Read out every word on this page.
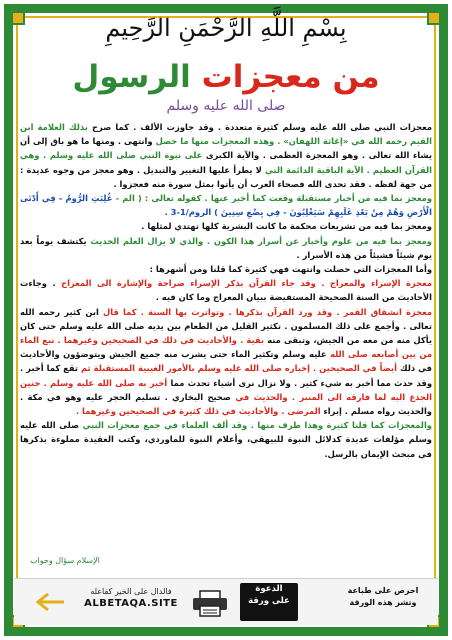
بِسْمِ اللَّهِ الرَّحْمَنِ الرَّحِيمِ
من معجزات الرسول
صلى الله عليه وسلم

معجزات النبي صلى الله عليه وسلم كثيرة متعددة . وقد جاوزت الألف . كما صرح بذلك العلامة ابن القيم رحمه الله في «إغاثة اللهفان» . وهذه المعجزات منها ما حصل وانتهى . ومنها ما هو باق إلى أن يشاء الله تعالى . وهو المعجزة العظمى . والآية الكبرى على نبوة النبي صلى الله عليه وسلم . وهي القرآن العظيم . الآية الباقية الدائمة التي لا يطرأ عليها التغيير والتبديل . وهو معجز من وجوه عديدة : من جهة لفظه . فقد تحدى الله فصحاء العرب أن يأتوا بمثل سورة منه فعجزوا .

ومعجز بما فيه من أخبار مستقبلة وقعت كما أخبر عنها . كقوله تعالى : ( الم - غُلِبَتِ الرُّومُ - فِي أَدْنَى الْأَرْضِ وَهُمْ مِنْ بَعْدِ غَلَبِهِمْ سَيَغْلِبُونَ - فِي بِضْعِ سِنِينَ ) الروم/1-3 .

ومعجز بما فيه من تشريعات محكمة ما كانت البشرية كلها تهتدي لمثلها .

ومعجز بما فيه من علوم وأخبار عن أسرار هذا الكون . والذي لا يزال العلم الحديث يكتشف يوماً بعد يوم شيئاً فشيئاً من هذه الأسرار .

وأما المعجزات التي حصلت وانتهت فهي كثيرة كما قلنا ومن أشهرها :

معجزة الإسراء والمعراج . وقد جاء القرآن بذكر الإسراء صراحة والإشارة الى المعراج . وجاءت الأحاديث من السنة الصحيحة المستفيضة ببيان المعراج وما كان فيه .

معجزة انشقاق القمر . وقد ورد القرآن بذكرها . وتواترت بها السنة . كما قال ابن كثير رحمه الله تعالى . وأجمع على ذلك المسلمون . تكثير القليل من الطعام بين يديه صلى الله عليه وسلم حتى كان يأكل منه من معه من الجيش، وتبقى منه بقية . والأحاديث في ذلك في الصحيحين وغيرهما . نبع الماء من بين أصابعه صلى الله عليه وسلم وتكثير الماء حتى يشرب منه جميع الجيش ويتوضؤون والأحاديث في ذلك أيضاً في الصحيحين . إخباره صلى الله عليه وسلم بالأمور الغيبية المستقبلة ثم تقع كما أخبر . وقد حدث مما أخبر به شيء كثير . ولا نزال نرى أشياء تحدث مما أخبر به صلى الله عليه وسلم . حنين الجذع اليه لما فارقه الى المنبر . والحديث في صحيح البخاري . تسليم الحجر عليه وهو في مكة . والحديث رواه مسلم . إبراء المرضى . والأحاديث في ذلك كثيرة في الصحيحين وغيرهما .

والمعجزات كما قلنا كثيرة وهذا طرف منها . وقد ألف العلماء في جمع معجزات النبي صلى الله عليه وسلم مؤلفات عديدة كدلائل النبوة للبيهقي، وأعلام النبوة للماوردي، وكتب العقيدة مملوءة بذكرها في مبحث الإيمان بالرسل.

الإسلام سؤال وجواب
احرص على طباعة
وتشر هذه الورقة
الدعوة
على ورقة
فالدال على الخير كفاعله
ALBETAQA.SITE
